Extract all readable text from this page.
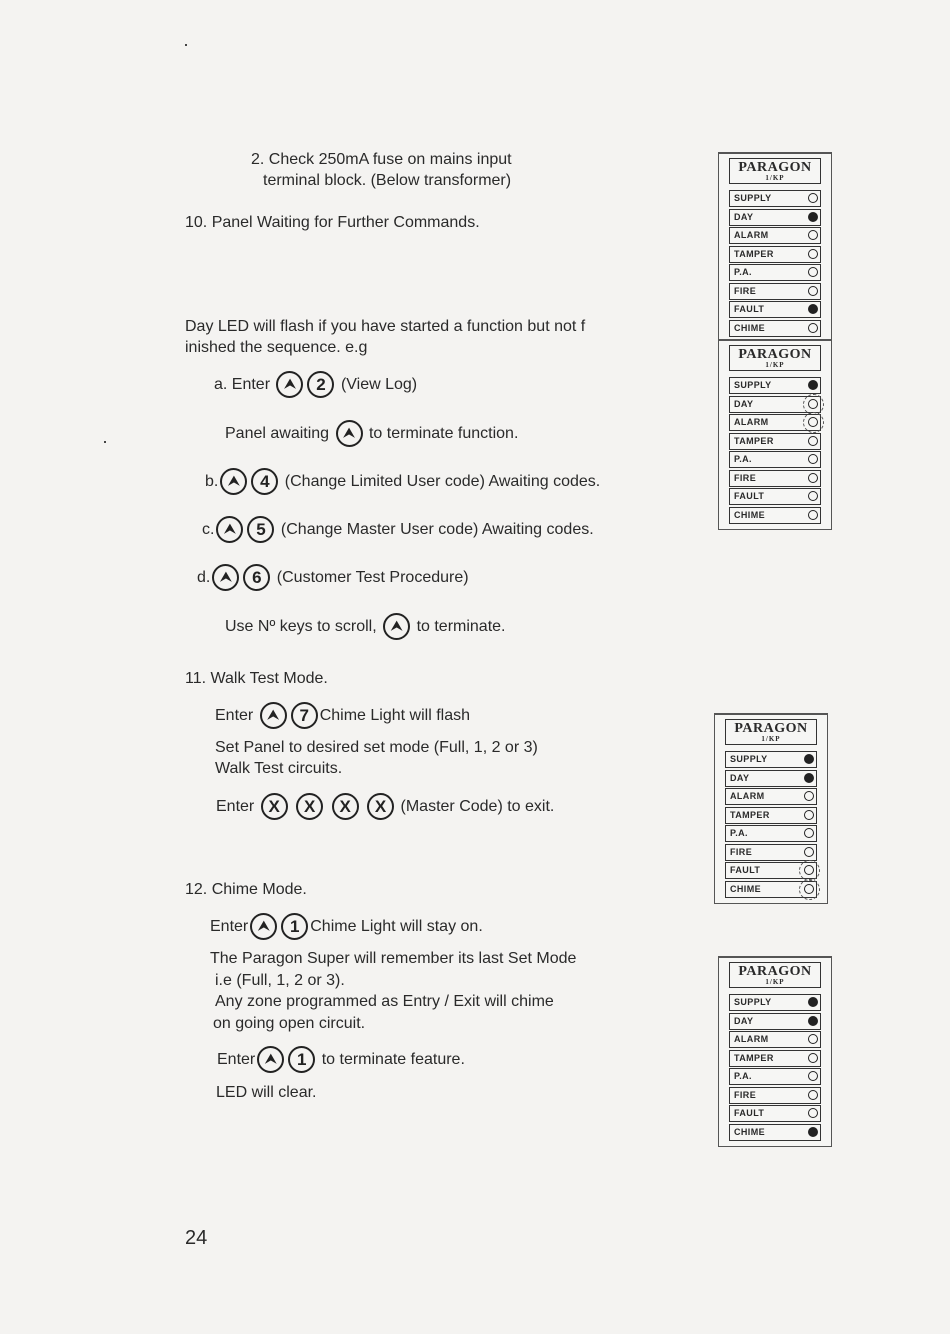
2. Check 250mA fuse on mains input
terminal block. (Below transformer)
10. Panel Waiting for Further Commands.
Day LED will flash if you have started a function but not f
inished the sequence. e.g
a. Enter ⮝ 2 (View Log)
Panel awaiting ⮝ to terminate function.
b. ⮝ 4 (Change Limited User code) Awaiting codes.
c. ⮝ 5 (Change Master User code) Awaiting codes.
d. ⮝ 6 (Customer Test Procedure)
Use Nº keys to scroll, ⮝ to terminate.
11. Walk Test Mode.
Enter ⮝ 7 Chime Light will flash
Set Panel to desired set mode (Full, 1, 2 or 3)
Walk Test circuits.
Enter X X X X (Master Code) to exit.
12. Chime Mode.
Enter ⮝ 1 Chime Light will stay on.
The Paragon Super will remember its last Set Mode
i.e (Full, 1, 2 or 3).
Any zone programmed as Entry / Exit will chime
on going open circuit.
Enter ⮝ 1 to terminate feature.
LED will clear.
PARAGON
1/KP
SUPPLY
DAY
ALARM
TAMPER
P.A.
FIRE
FAULT
CHIME
PARAGON
1/KP
SUPPLY
DAY
ALARM
TAMPER
P.A.
FIRE
FAULT
CHIME
PARAGON
1/KP
SUPPLY
DAY
ALARM
TAMPER
P.A.
FIRE
FAULT
CHIME
PARAGON
1/KP
SUPPLY
DAY
ALARM
TAMPER
P.A.
FIRE
FAULT
CHIME
24
